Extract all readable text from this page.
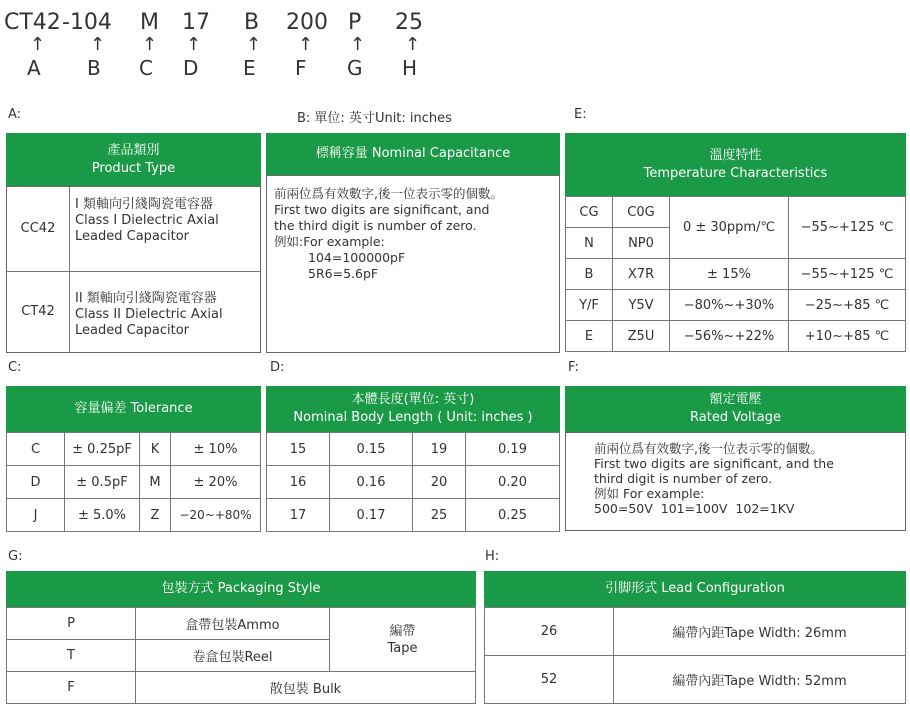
CT42
↑
A
-104
↑
B
M
↑
C
17
↑
D
B
↑
E
200
↑
F
P
↑
G
25
↑
H
A:	B: 單位: 英寸Unit: inches	E:
產品類別
Product Type
CC42
I 類軸向引綫陶瓷電容器
Class I Dielectric Axial
Leaded Capacitor
CT42
II 類軸向引綫陶瓷電容器
Class II Dielectric Axial
Leaded Capacitor
標稱容量 Nominal Capacitance
前兩位爲有效數字,後一位表示零的個數。
First two digits are significant, and
the third digit is number of zero.
例如:For example:
104=100000pF
5R6=5.6pF
溫度特性
Temperature Characteristics
CG	C0G	0 ± 30ppm/℃	−55~+125 ℃
N	NP0		
B	X7R	± 15%	−55~+125 ℃
Y/F	Y5V	−80%~+30%	−25~+85 ℃
E	Z5U	−56%~+22%	+10~+85 ℃
C:	D:	F:
容量偏差 Tolerance
C	± 0.25pF	K	± 10%
D	± 0.5pF	M	± 20%
J	± 5.0%	Z	−20~+80%
本體長度(單位: 英寸)
Nominal Body Length ( Unit: inches )
15	0.15	19	0.19
16	0.16	20	0.20
17	0.17	25	0.25
額定電壓
Rated Voltage
前兩位爲有效數字,後一位表示零的個數。
First two digits are significant, and the
third digit is number of zero.
例如 For example:
500=50V  101=100V  102=1KV
G:	H:
包裝方式 Packaging Style
P	盒帶包裝Ammo	編帶
Tape

T	卷盒包裝Reel	
F	散包裝 Bulk	
引脚形式 Lead Configuration
26	編帶內距Tape Width: 26mm
52	編帶內距Tape Width: 52mm
